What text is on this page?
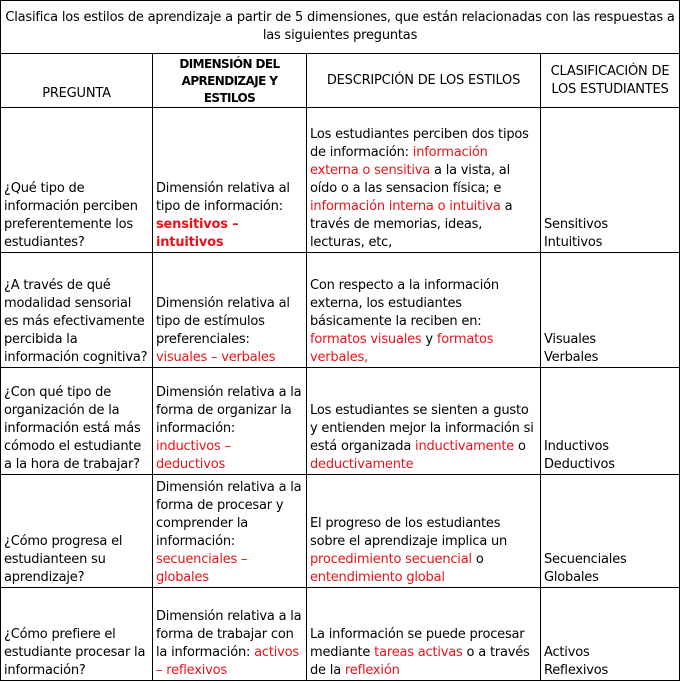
Clasifica los estilos de aprendizaje a partir de 5 dimensiones, que están relacionadas con las respuestas a las siguientes preguntas			
PREGUNTA	DIMENSIÓN DEL APRENDIZAJE Y ESTILOS	DESCRIPCIÓN DE LOS ESTILOS	CLASIFICACIÓN DE LOS ESTUDIANTES
¿Qué tipo de información perciben preferentemente los estudiantes?	Dimensión relativa al tipo de información: sensitivos – intuitivos	Los estudiantes perciben dos tipos de información: información externa o sensitiva a la vista, al oído o a las sensacion física; e información interna o intuitiva a través de memorias, ideas, lecturas, etc,	Sensitivos
Intuitivos
¿A través de qué modalidad sensorial es más efectivamente percibida la información cognitiva?	Dimensión relativa al tipo de estímulos preferenciales: visuales – verbales	Con respecto a la información externa, los estudiantes básicamente la reciben en: formatos visuales y formatos verbales,	Visuales
Verbales
¿Con qué tipo de organización de la información está más cómodo el estudiante a la hora de trabajar?	Dimensión relativa a la forma de organizar la información: inductivos – deductivos	Los estudiantes se sienten a gusto y entienden mejor la información si está organizada inductivamente o deductivamente	Inductivos
Deductivos
¿Cómo progresa el estudianteen su aprendizaje?	Dimensión relativa a la forma de procesar y comprender la información: secuenciales – globales	El progreso de los estudiantes sobre el aprendizaje implica un procedimiento secuencial o entendimiento global	Secuenciales
Globales
¿Cómo prefiere el estudiante procesar la información?	Dimensión relativa a la forma de trabajar con la información: activos – reflexivos	La información se puede procesar mediante tareas activas o a través de la reflexión	Activos
Reflexivos
